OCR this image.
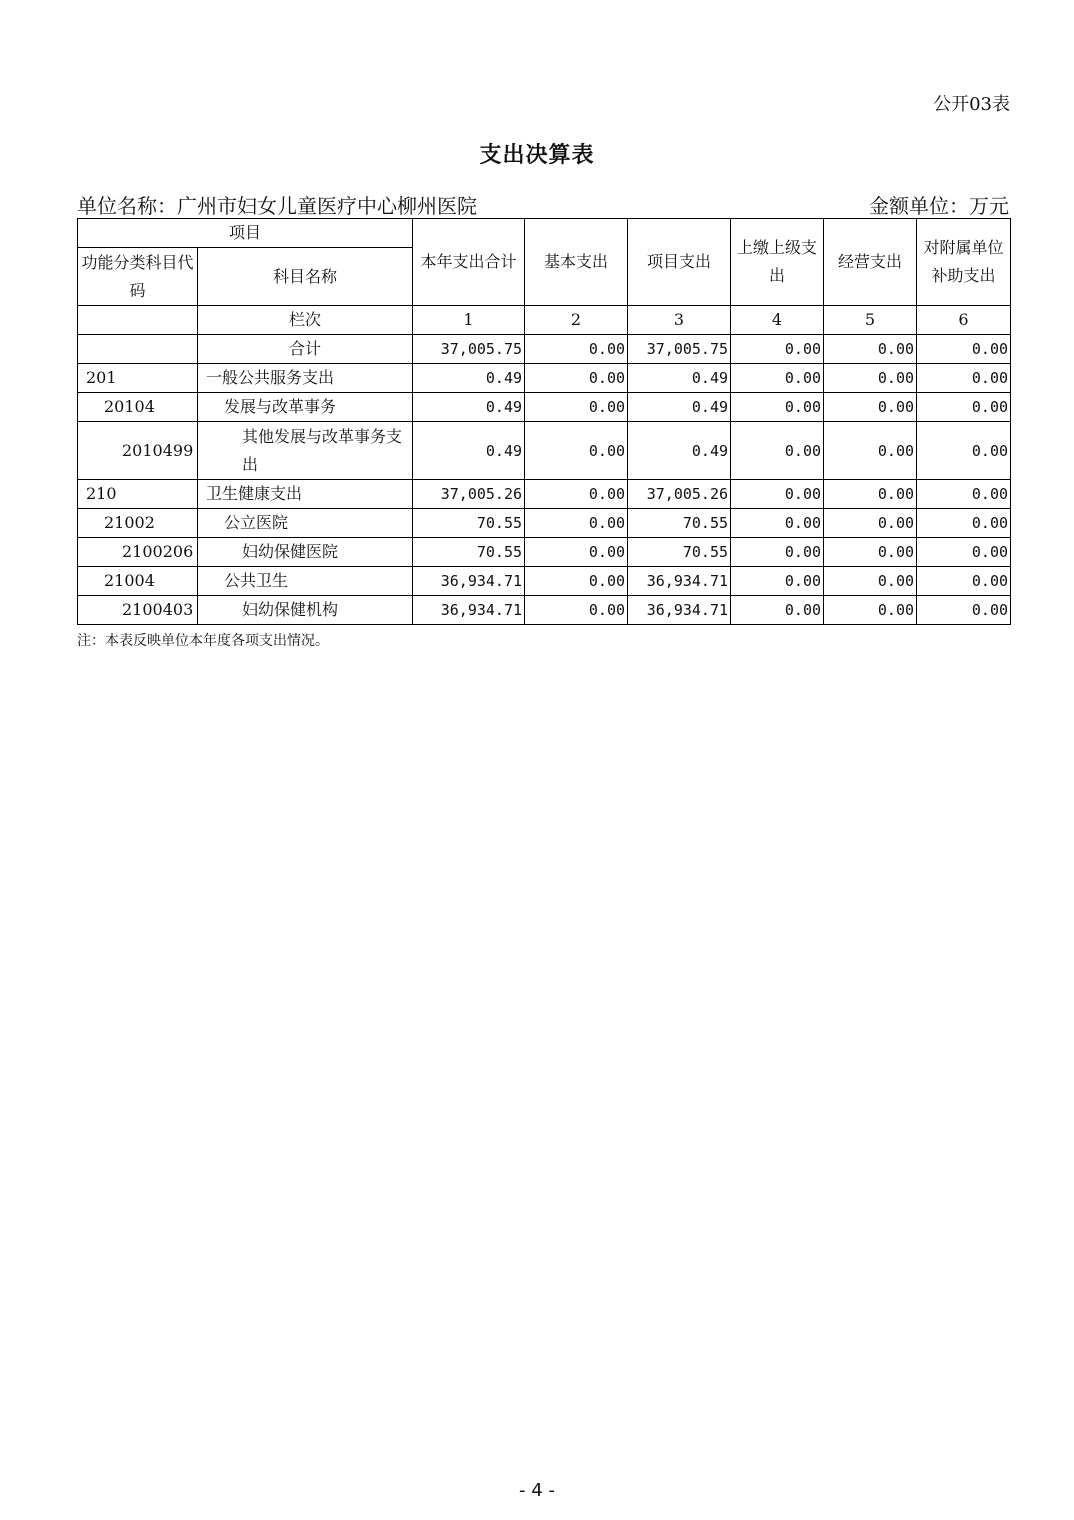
公开03表
支出决算表
单位名称：广州市妇女儿童医疗中心柳州医院	金额单位：万元
项目		本年支出合计	基本支出	项目支出	上缴上级支出	经营支出	对附属单位补助支出
功能分类科目代码	科目名称						
	栏次	1	2	3	4	5	6
	合计	37,005.75	0.00	37,005.75	0.00	0.00	0.00
201	一般公共服务支出	0.49	0.00	0.49	0.00	0.00	0.00
20104	发展与改革事务	0.49	0.00	0.49	0.00	0.00	0.00
2010499	其他发展与改革事务支出	0.49	0.00	0.49	0.00	0.00	0.00
210	卫生健康支出	37,005.26	0.00	37,005.26	0.00	0.00	0.00
21002	公立医院	70.55	0.00	70.55	0.00	0.00	0.00
2100206	妇幼保健医院	70.55	0.00	70.55	0.00	0.00	0.00
21004	公共卫生	36,934.71	0.00	36,934.71	0.00	0.00	0.00
2100403	妇幼保健机构	36,934.71	0.00	36,934.71	0.00	0.00	0.00
注：本表反映单位本年度各项支出情况。
- 4 -
